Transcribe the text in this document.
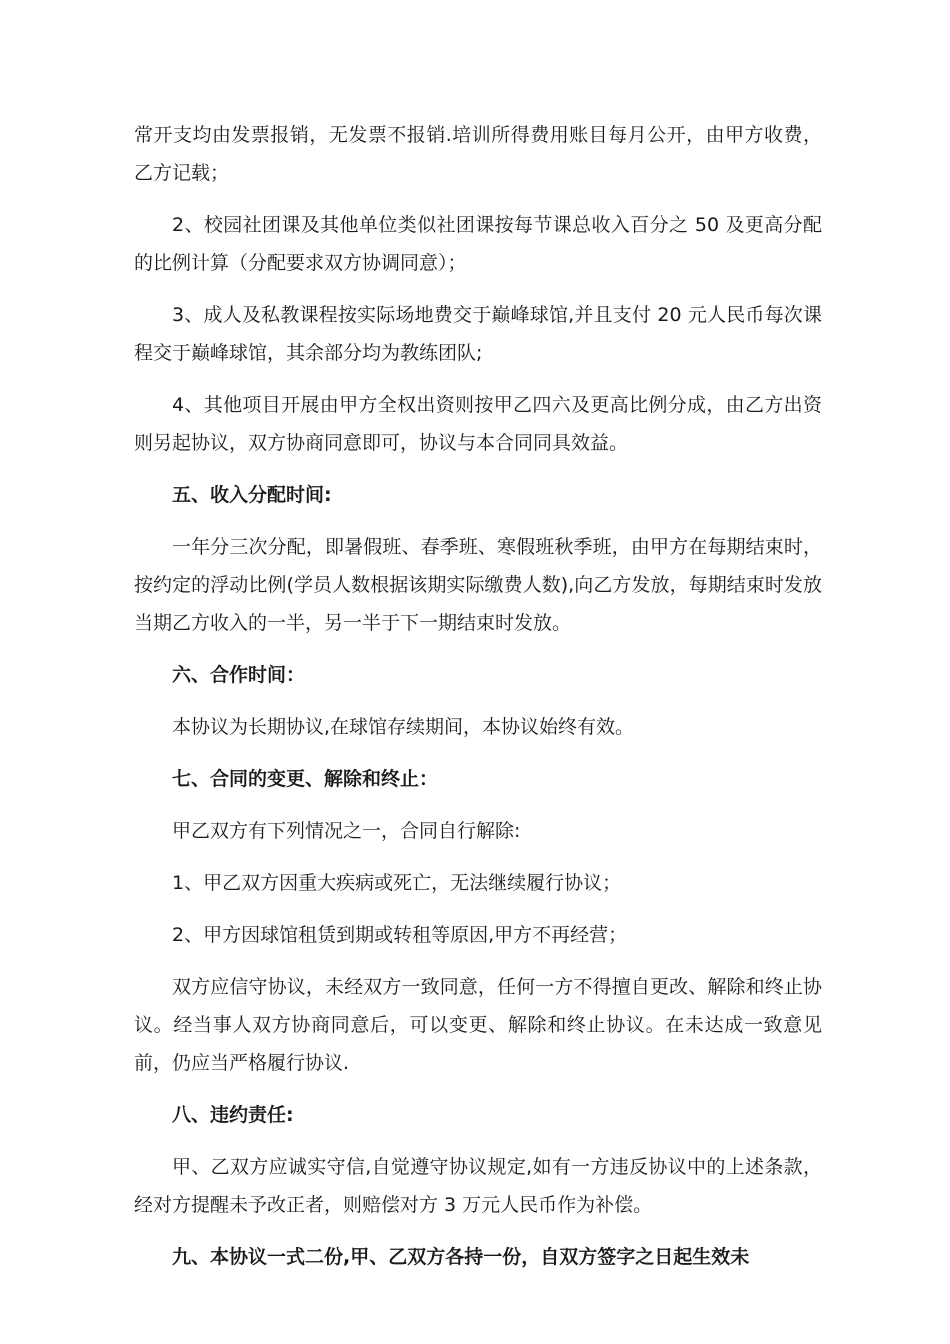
常开支均由发票报销，无发票不报销.培训所得费用账目每月公开，由甲方收费，乙方记载；

2、校园社团课及其他单位类似社团课按每节课总收入百分之 50 及更高分配的比例计算（分配要求双方协调同意）；

3、成人及私教课程按实际场地费交于巅峰球馆,并且支付 20 元人民币每次课程交于巅峰球馆，其余部分均为教练团队;

4、其他项目开展由甲方全权出资则按甲乙四六及更高比例分成，由乙方出资则另起协议，双方协商同意即可，协议与本合同同具效益。

五、收入分配时间:

一年分三次分配，即暑假班、春季班、寒假班秋季班，由甲方在每期结束时，按约定的浮动比例(学员人数根据该期实际缴费人数),向乙方发放，每期结束时发放当期乙方收入的一半，另一半于下一期结束时发放。

六、合作时间：

本协议为长期协议,在球馆存续期间，本协议始终有效。

七、合同的变更、解除和终止：

甲乙双方有下列情况之一，合同自行解除:

1、甲乙双方因重大疾病或死亡，无法继续履行协议；

2、甲方因球馆租赁到期或转租等原因,甲方不再经营；

双方应信守协议，未经双方一致同意，任何一方不得擅自更改、解除和终止协议。经当事人双方协商同意后，可以变更、解除和终止协议。在未达成一致意见前，仍应当严格履行协议.

八、违约责任:

甲、乙双方应诚实守信,自觉遵守协议规定,如有一方违反协议中的上述条款，经对方提醒未予改正者，则赔偿对方 3 万元人民币作为补偿。

九、本协议一式二份,甲、乙双方各持一份，自双方签字之日起生效未
